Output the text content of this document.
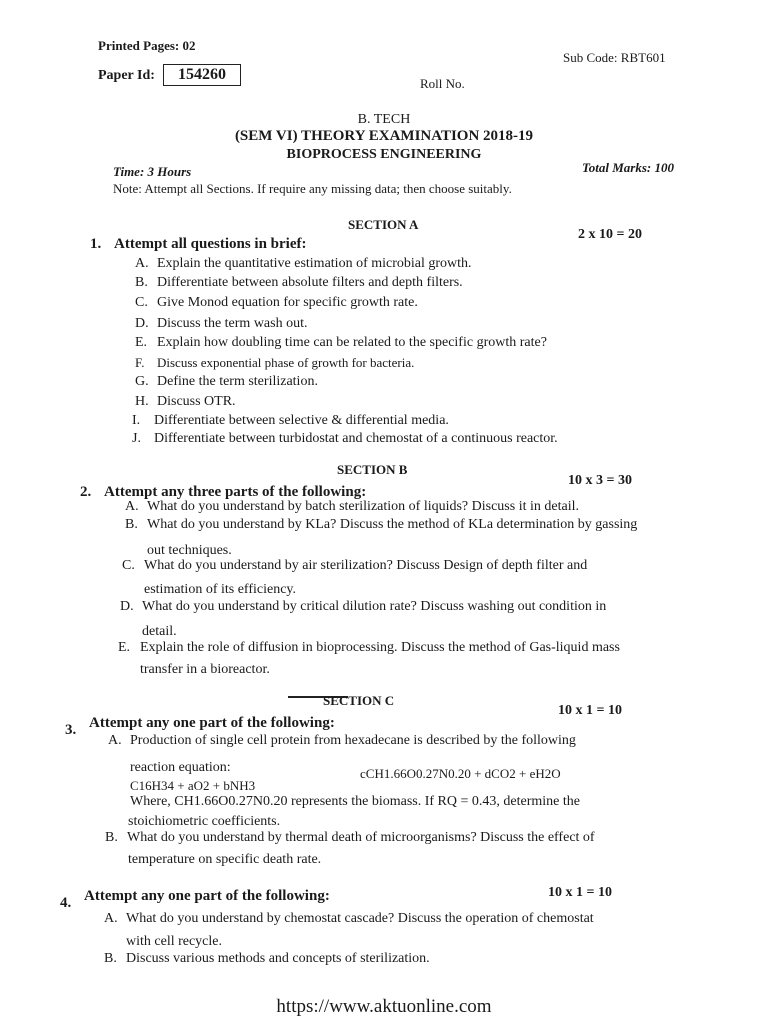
Printed Pages: 02
Sub Code: RBT601
Paper Id:	154260
Roll No.
B. TECH
(SEM VI) THEORY EXAMINATION 2018-19
BIOPROCESS ENGINEERING
Time: 3 Hours	Total Marks: 100
Note: Attempt all Sections. If require any missing data; then choose suitably.
SECTION A
1. Attempt all questions in brief:
2 x 10 = 20
A. Explain the quantitative estimation of microbial growth.
B. Differentiate between absolute filters and depth filters.
C. Give Monod equation for specific growth rate.
D. Discuss the term wash out.
E. Explain how doubling time can be related to the specific growth rate?
F. Discuss exponential phase of growth for bacteria.
G. Define the term sterilization.
H. Discuss OTR.
I. Differentiate between selective & differential media.
J. Differentiate between turbidostat and chemostat of a continuous reactor.
SECTION B
10 x 3 = 30
2. Attempt any three parts of the following:
A. What do you understand by batch sterilization of liquids? Discuss it in detail.
B. What do you understand by KLa? Discuss the method of KLa determination by gassing
out techniques.
C. What do you understand by air sterilization? Discuss Design of depth filter and
estimation of its efficiency.
D. What do you understand by critical dilution rate? Discuss washing out condition in
detail.
E. Explain the role of diffusion in bioprocessing. Discuss the method of Gas-liquid mass
transfer in a bioreactor.
SECTION C
10 x 1 = 10
3. Attempt any one part of the following:
A. Production of single cell protein from hexadecane is described by the following
reaction equation:
C16H34 + aO2 + bNH3
cCH1.66O0.27N0.20 + dCO2 + eH2O
Where, CH1.66O0.27N0.20 represents the biomass. If RQ = 0.43, determine the
stoichiometric coefficients.
B. What do you understand by thermal death of microorganisms? Discuss the effect of
temperature on specific death rate.
4. Attempt any one part of the following:	10 x 1 = 10
A. What do you understand by chemostat cascade? Discuss the operation of chemostat
with cell recycle.
B. Discuss various methods and concepts of sterilization.
https://www.aktuonline.com
